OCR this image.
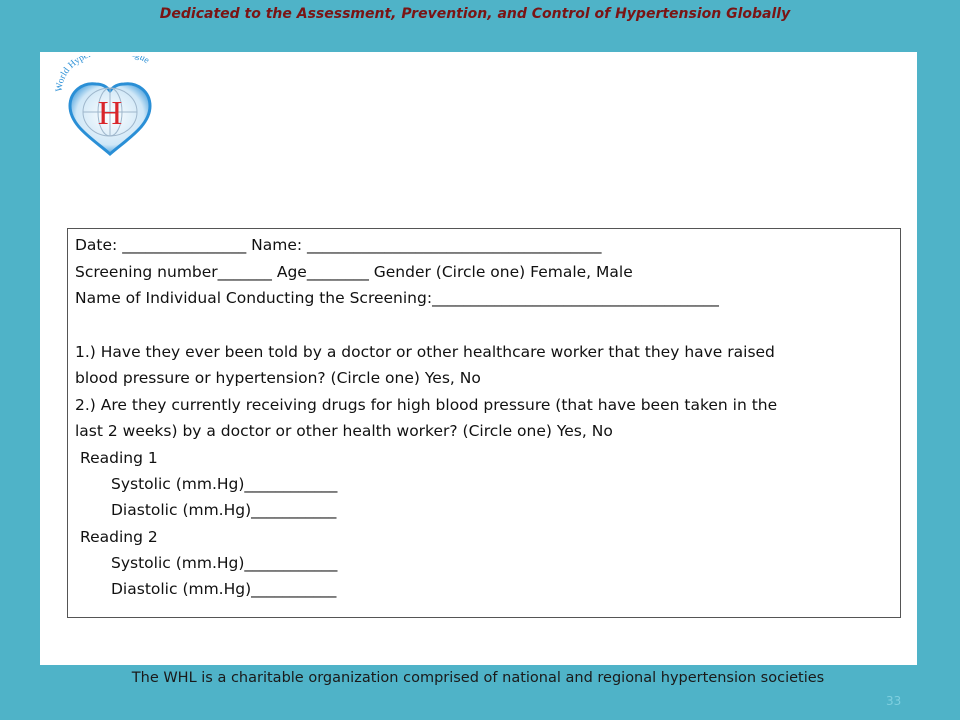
Dedicated to the Assessment, Prevention, and Control of Hypertension Globally
World Hype gue
H
Date: ________________ Name: ______________________________________
Screening number_______ Age________ Gender (Circle one) Female, Male
Name of Individual Conducting the Screening:_____________________________________
1.) Have they ever been told by a doctor or other healthcare worker that they have raised
blood pressure or hypertension? (Circle one) Yes, No
2.) Are they currently receiving drugs for high blood pressure (that have been taken in the
last 2 weeks) by a doctor or other health worker? (Circle one) Yes, No
Reading 1
Systolic (mm.Hg)____________
Diastolic (mm.Hg)___________
Reading 2
Systolic (mm.Hg)____________
Diastolic (mm.Hg)___________
The WHL is a charitable organization comprised of national and regional hypertension societies
33
